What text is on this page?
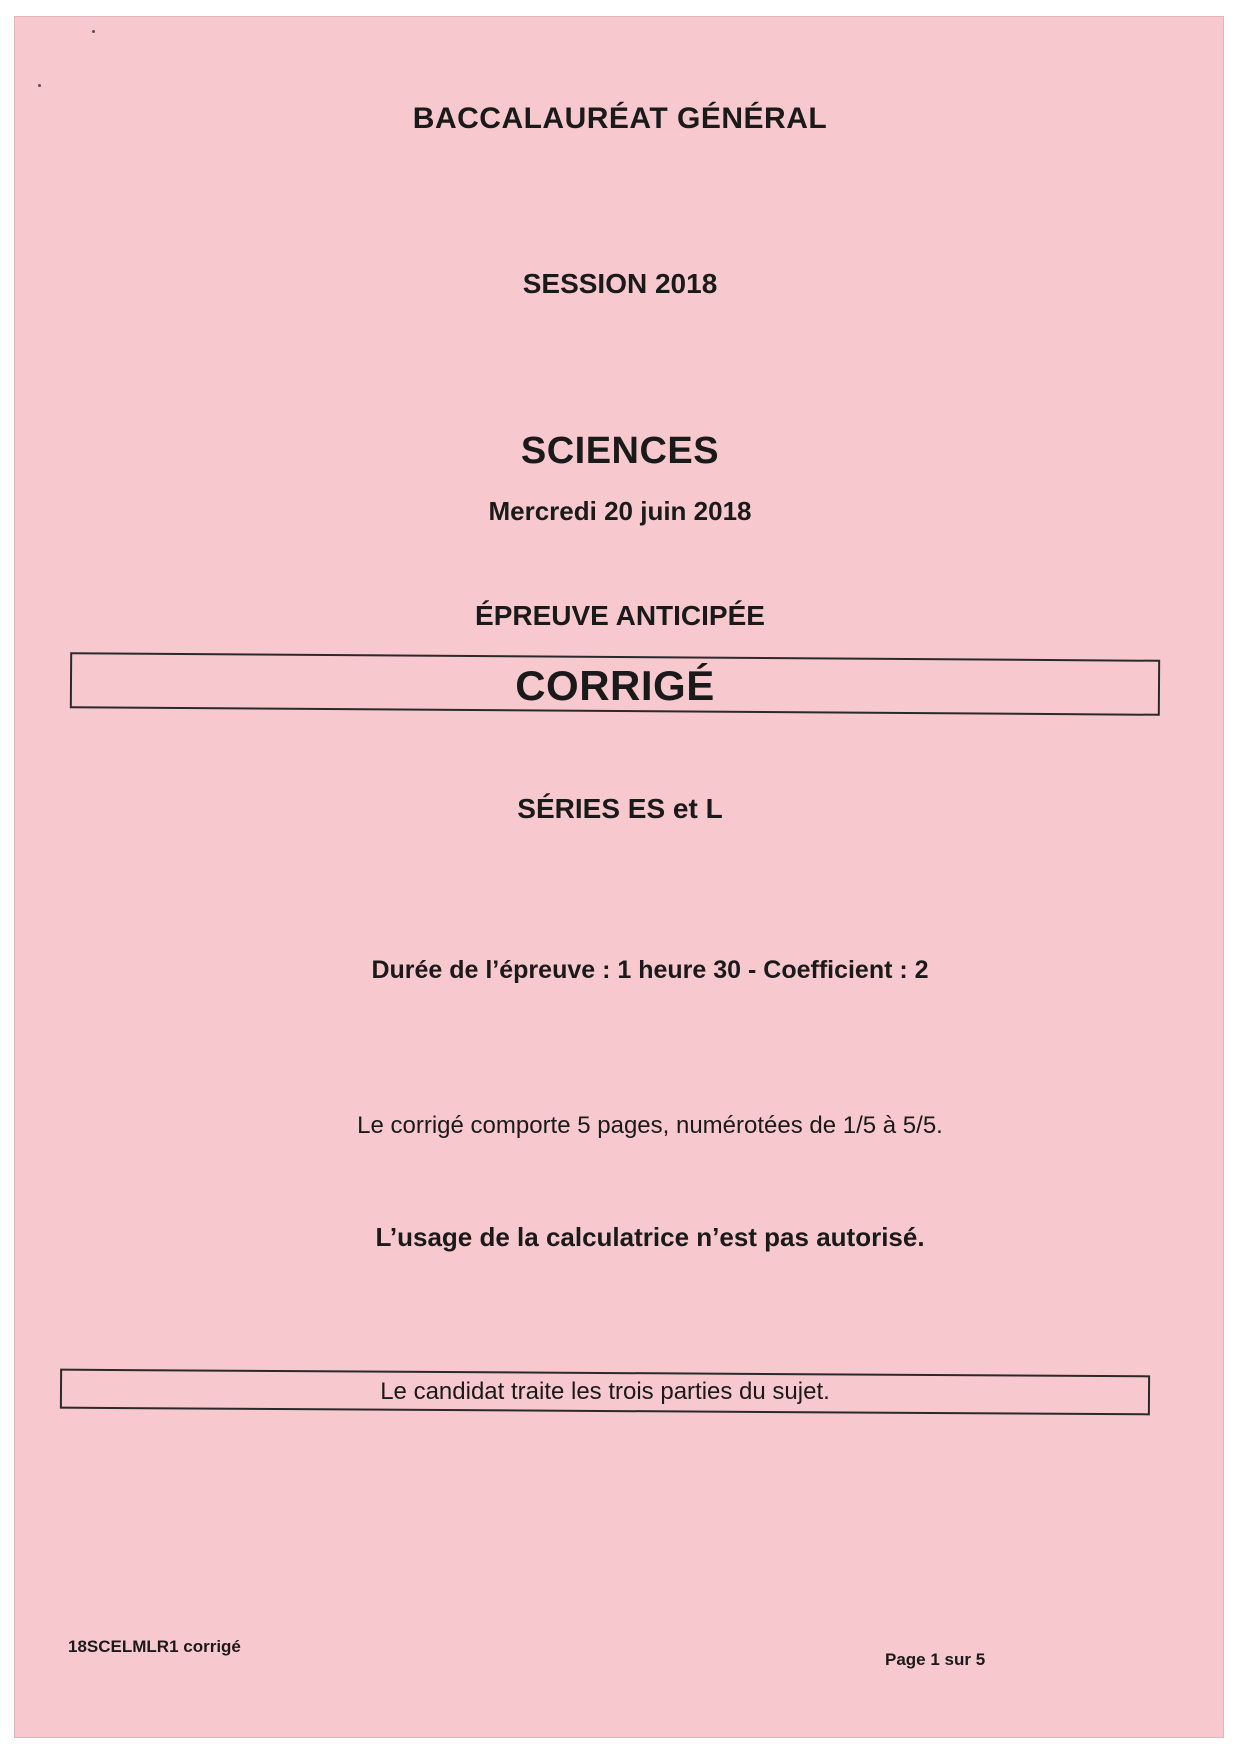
BACCALAURÉAT GÉNÉRAL
SESSION 2018
SCIENCES
Mercredi 20 juin 2018
ÉPREUVE ANTICIPÉE
CORRIGÉ
SÉRIES ES et L
Durée de l’épreuve : 1 heure 30 - Coefficient : 2
Le corrigé comporte 5 pages, numérotées de 1/5 à 5/5.
L’usage de la calculatrice n’est pas autorisé.
Le candidat traite les trois parties du sujet.
18SCELMLR1 corrigé
Page 1 sur 5
